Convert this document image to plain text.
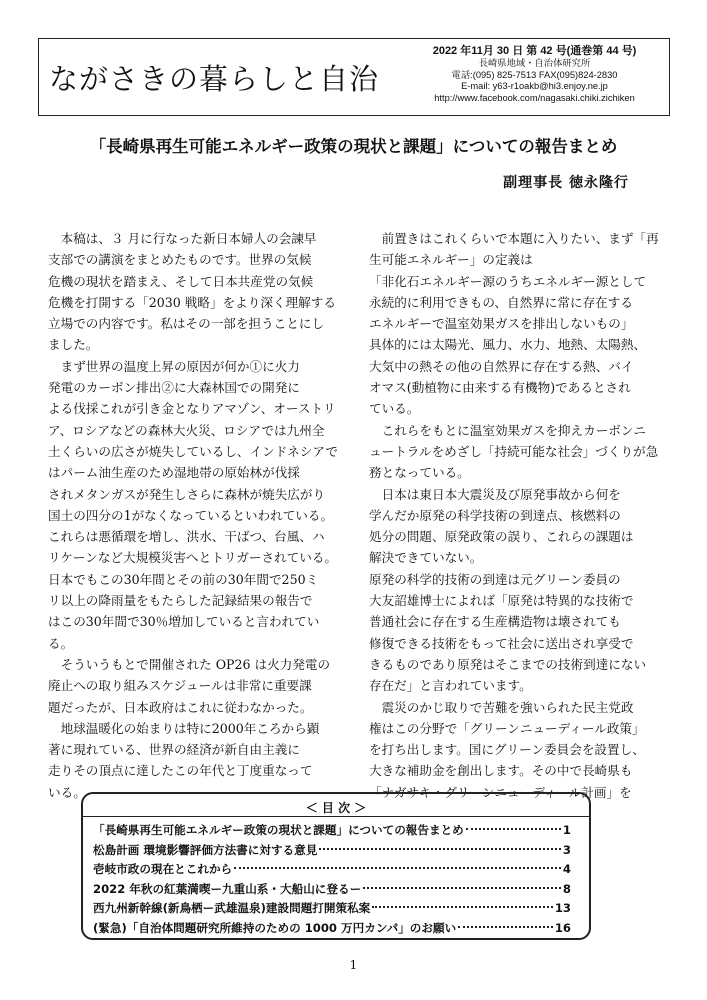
ながさきの暮らしと自治
2022 年11月 30 日 第 42 号(通巻第 44 号)
長崎県地域・自治体研究所
電話:(095) 825-7513 FAX(095)824-2830
E-mail: y63-r1oakb@hi3.enjoy.ne.jp
http://www.facebook.com/nagasaki.chiki.zichiken
「長崎県再生可能エネルギー政策の現状と課題」についての報告まとめ
副理事長 徳永隆行

　本稿は、３ 月に行なった新日本婦人の会諫早

支部での講演をまとめたものです。世界の気候

危機の現状を踏まえ、そして日本共産党の気候

危機を打開する「2030 戦略」をより深く理解する

立場での内容です。私はその一部を担うことにし

ました。

　まず世界の温度上昇の原因が何か①に火力

発電のカーボン排出②に大森林国での開発に

よる伐採これが引き金となりアマゾン、オーストリ

ア、ロシアなどの森林大火災、ロシアでは九州全

土くらいの広さが焼失しているし、インドネシアで

はパーム油生産のため湿地帯の原始林が伐採

されメタンガスが発生しさらに森林が焼失広がり

国土の四分の1がなくなっているといわれている。

これらは悪循環を増し、洪水、干ばつ、台風、ハ

リケーンなど大規模災害へとトリガーされている。

日本でもこの30年間とその前の30年間で250ミ

リ以上の降雨量をもたらした記録結果の報告で

はこの30年間で30％増加していると言われてい

る。

　そういうもとで開催された OP26 は火力発電の

廃止への取り組みスケジュールは非常に重要課

題だったが、日本政府はこれに従わなかった。

　地球温暖化の始まりは特に2000年ころから顕

著に現れている、世界の経済が新自由主義に

走りその頂点に達したこの年代と丁度重なって

いる。

　前置きはこれくらいで本題に入りたい、まず「再

生可能エネルギー」の定義は

「非化石エネルギー源のうちエネルギー源として

永続的に利用できもの、自然界に常に存在する

エネルギーで温室効果ガスを排出しないもの」

具体的には太陽光、風力、水力、地熱、太陽熱、

大気中の熱その他の自然界に存在する熱、バイ

オマス(動植物に由来する有機物)であるとされ

ている。

　これらをもとに温室効果ガスを抑えカーボンニ

ュートラルをめざし「持続可能な社会」づくりが急

務となっている。

　日本は東日本大震災及び原発事故から何を

学んだか原発の科学技術の到達点、核燃料の

処分の問題、原発政策の誤り、これらの課題は

解決できていない。

原発の科学的技術の到達は元グリーン委員の

大友詔雄博士によれば「原発は特異的な技術で

普通社会に存在する生産構造物は壊されても

修復できる技術をもって社会に送出され享受で

きるものであり原発はそこまでの技術到達にない

存在だ」と言われています。

　震災のかじ取りで苦難を強いられた民主党政

権はこの分野で「グリーンニューディール政策」

を打ち出します。国にグリーン委員会を設置し、

大きな補助金を創出します。その中で長崎県も

「ナガサキ・グリーンニューディール計画」を

＜ 目 次 ＞
「長崎県再生可能エネルギー政策の現状と課題」についての報告まとめ	1
松島計画 環境影響評価方法書に対する意見	3
壱岐市政の現在とこれから	4
2022 年秋の紅葉満喫ー九重山系・大船山に登るー	8
西九州新幹線(新鳥栖ー武雄温泉)建設問題打開策私案	13
(緊急)「自治体問題研究所維持のための 1000 万円カンパ」のお願い	16
1
